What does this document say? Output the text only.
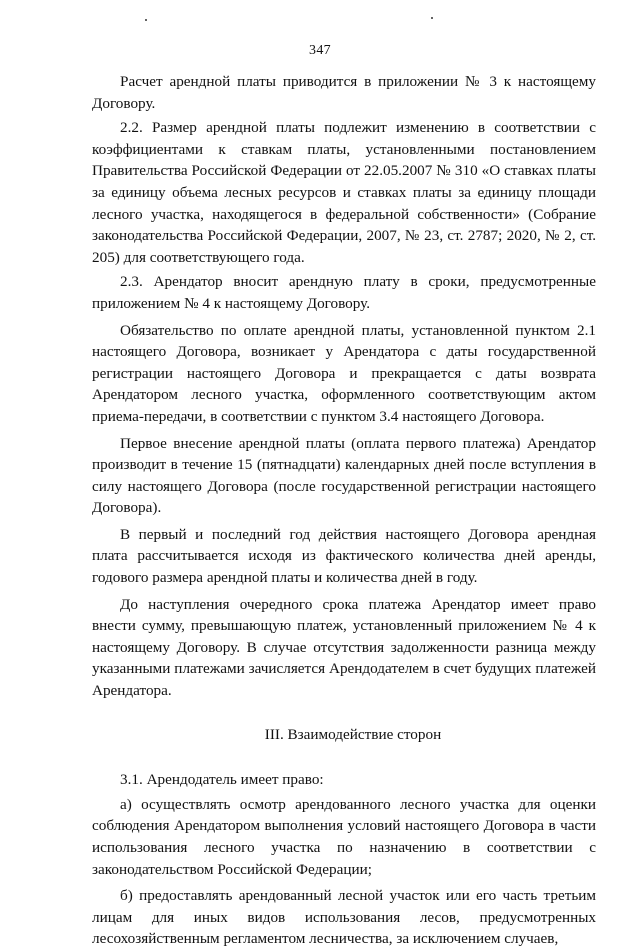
347

Расчет арендной платы приводится в приложении № 3 к настоящему Договору.

2.2. Размер арендной платы подлежит изменению в соответствии с коэффициентами к ставкам платы, установленными постановлением Правительства Российской Федерации от 22.05.2007 № 310 «О ставках платы за единицу объема лесных ресурсов и ставках платы за единицу площади лесного участка, находящегося в федеральной собственности» (Собрание законодательства Российской Федерации, 2007, № 23, ст. 2787; 2020, № 2, ст. 205) для соответствующего года.

2.3. Арендатор вносит арендную плату в сроки, предусмотренные приложением № 4 к настоящему Договору.

Обязательство по оплате арендной платы, установленной пунктом 2.1 настоящего Договора, возникает у Арендатора с даты государственной регистрации настоящего Договора и прекращается с даты возврата Арендатором лесного участка, оформленного соответствующим актом приема-передачи, в соответствии с пунктом 3.4 настоящего Договора.

Первое внесение арендной платы (оплата первого платежа) Арендатор производит в течение 15 (пятнадцати) календарных дней после вступления в силу настоящего Договора (после государственной регистрации настоящего Договора).

В первый и последний год действия настоящего Договора арендная плата рассчитывается исходя из фактического количества дней аренды, годового размера арендной платы и количества дней в году.

До наступления очередного срока платежа Арендатор имеет право внести сумму, превышающую платеж, установленный приложением № 4 к настоящему Договору. В случае отсутствия задолженности разница между указанными платежами зачисляется Арендодателем в счет будущих платежей Арендатора.

III. Взаимодействие сторон

3.1. Арендодатель имеет право:

а) осуществлять осмотр арендованного лесного участка для оценки соблюдения Арендатором выполнения условий настоящего Договора в части использования лесного участка по назначению в соответствии с законодательством Российской Федерации;

б) предоставлять арендованный лесной участок или его часть третьим лицам для иных видов использования лесов, предусмотренных лесохозяйственным регламентом лесничества, за исключением случаев,
